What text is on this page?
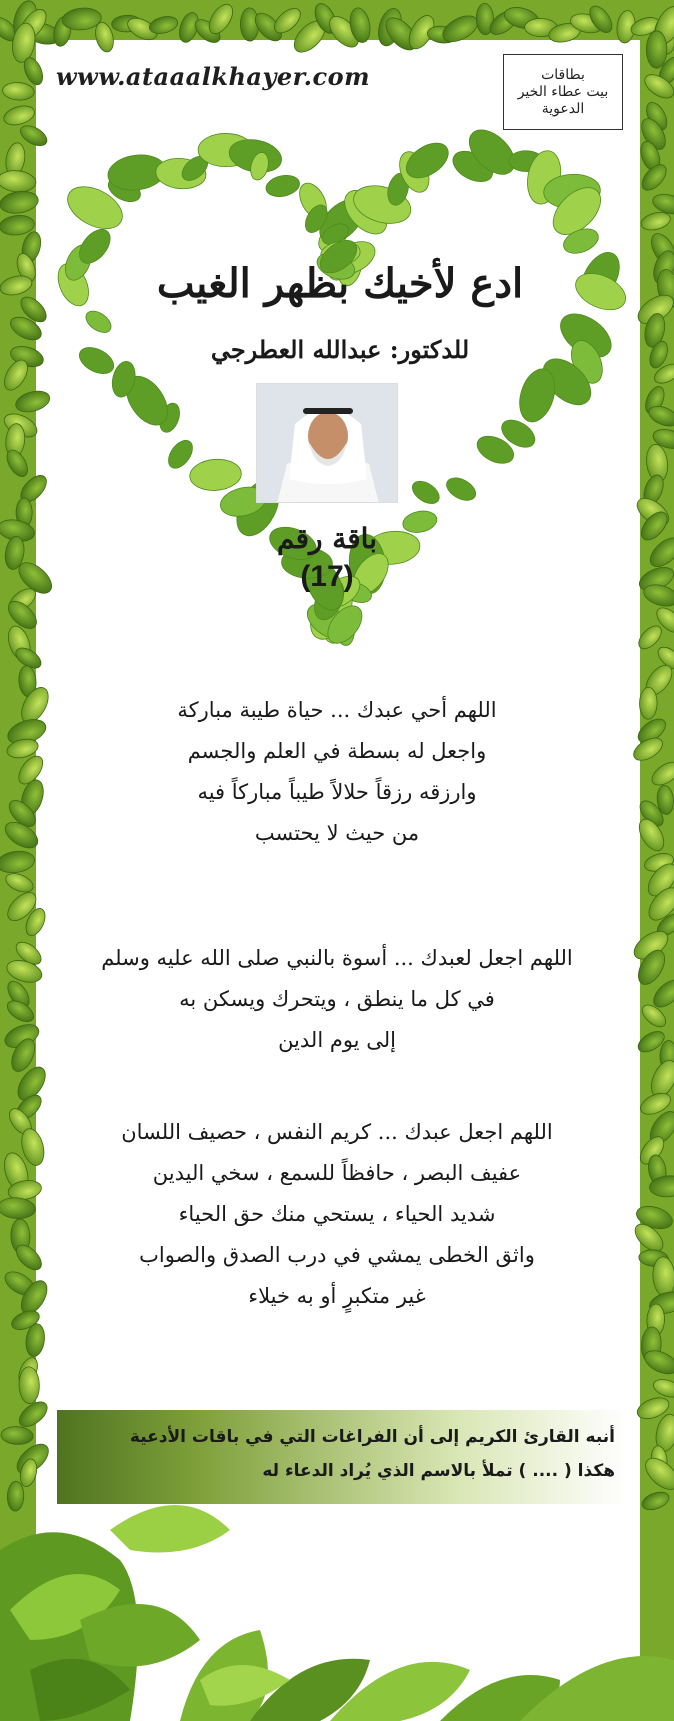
www.ataaalkhayer.com	بطاقات
بيت عطاء الخير
الدعوية
ادع لأخيك بظهر الغيب
للدكتور: عبدالله العطرجي
باقة رقم
(17)
اللهم أحي عبدك ... حياة طيبة مباركة
واجعل له بسطة في العلم والجسم
وارزقه رزقاً حلالاً طيباً مباركاً فيه
من حيث لا يحتسب
اللهم اجعل لعبدك ... أسوة بالنبي صلى الله عليه وسلم
في كل ما ينطق ، ويتحرك ويسكن به
إلى يوم الدين
اللهم اجعل عبدك ... كريم النفس ، حصيف اللسان
عفيف البصر ، حافظاً للسمع ، سخي اليدين
شديد الحياء ، يستحي منك حق الحياء
واثق الخطى يمشي في درب الصدق والصواب
غير متكبرٍ أو به خيلاء
أنبه القارئ الكريم إلى أن الفراغات التي في باقات الأدعية
هكذا ( .... ) تملأ بالاسم الذي يُراد الدعاء له
